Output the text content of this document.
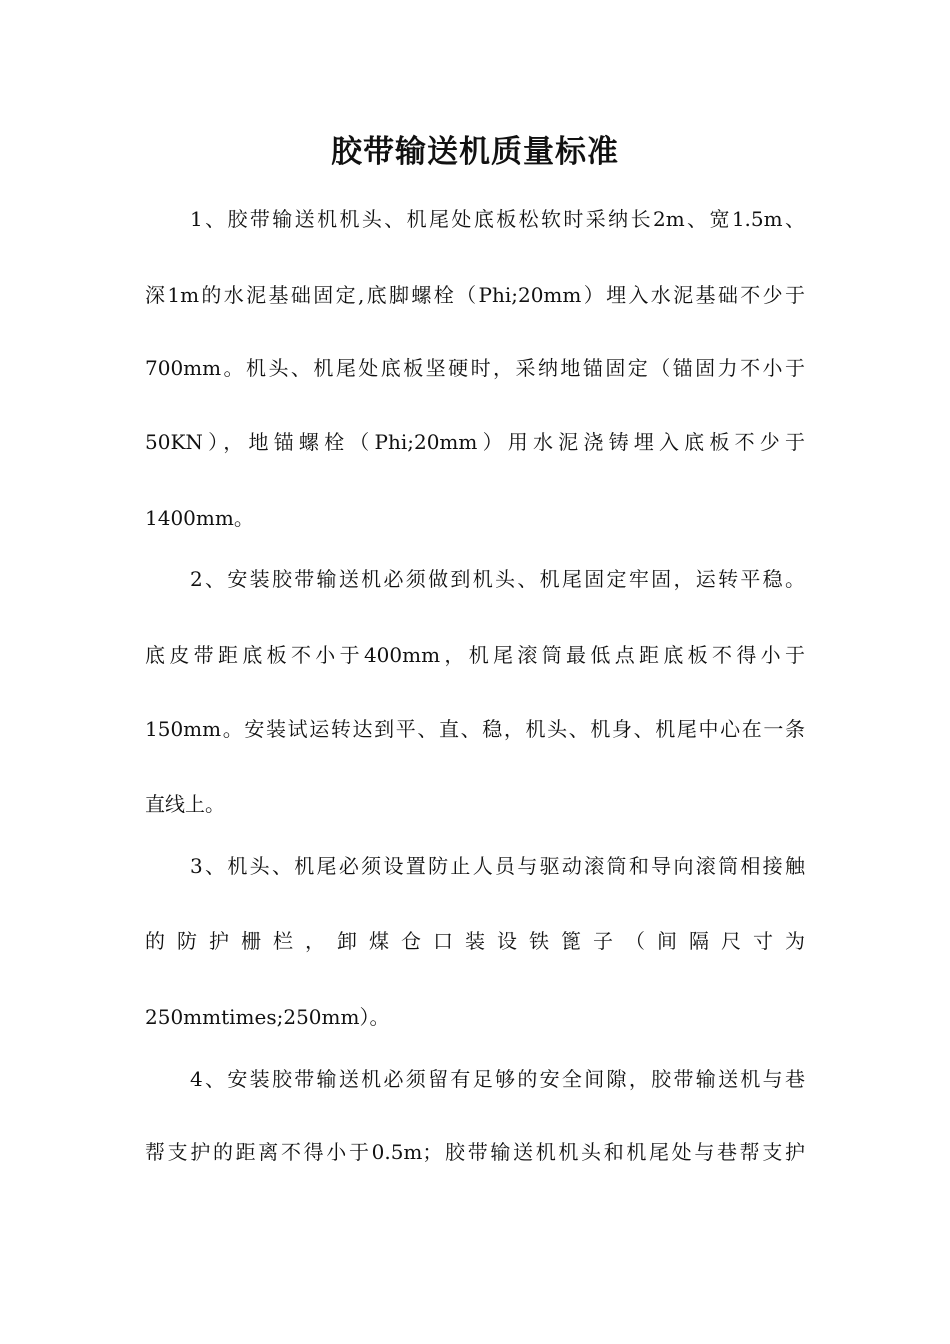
胶带输送机质量标准

1、胶带输送机机头、机尾处底板松软时采纳长2m、宽1.5m、

深1m的水泥基础固定,底脚螺栓（Phi;20mm）埋入水泥基础不少于

700mm。机头、机尾处底板坚硬时，采纳地锚固定（锚固力不小于

50KN），地锚螺栓（Phi;20mm）用水泥浇铸埋入底板不少于

1400mm。

2、安装胶带输送机必须做到机头、机尾固定牢固，运转平稳。

底皮带距底板不小于400mm，机尾滚筒最低点距底板不得小于

150mm。安装试运转达到平、直、稳，机头、机身、机尾中心在一条

直线上。

3、机头、机尾必须设置防止人员与驱动滚筒和导向滚筒相接触

的防护栅栏，卸煤仓口装设铁篦子（间隔尺寸为

250mmtimes;250mm）。

4、安装胶带输送机必须留有足够的安全间隙，胶带输送机与巷

帮支护的距离不得小于0.5m；胶带输送机机头和机尾处与巷帮支护
